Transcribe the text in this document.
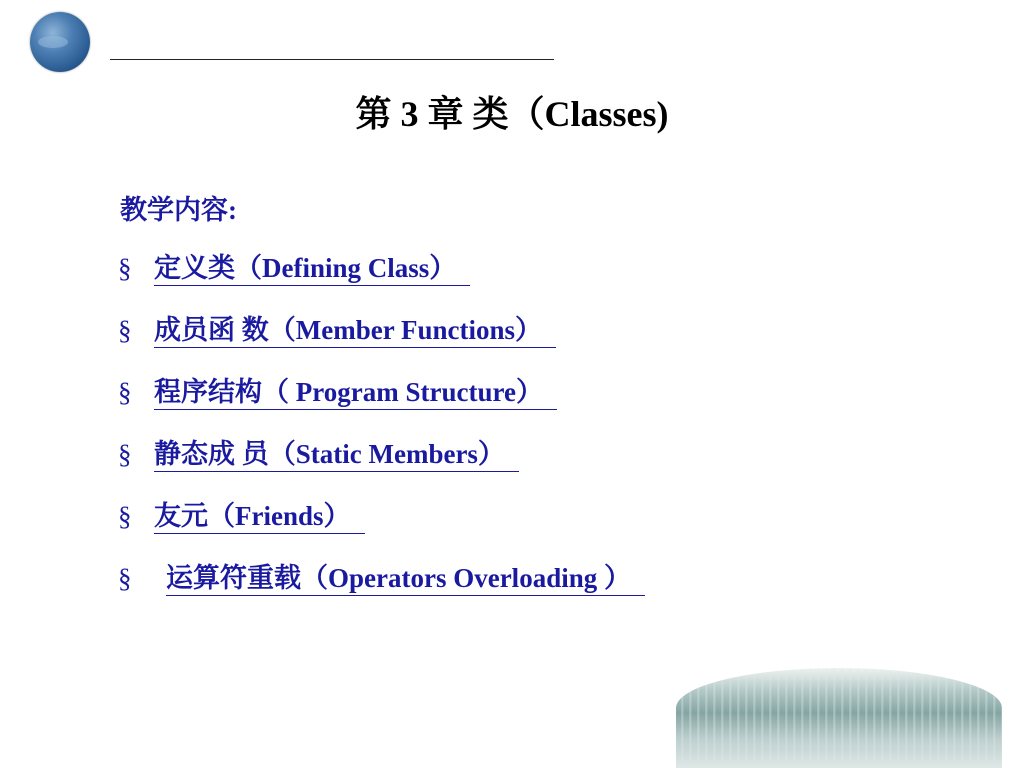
第 3 章 类（Classes)
教学内容:
§ 定义类（Defining Class）
§ 成员函 数（Member Functions）
§ 程序结构（ Program Structure）
§ 静态成 员（Static Members）
§ 友元（Friends）
§ 运算符重载（Operators Overloading ）
